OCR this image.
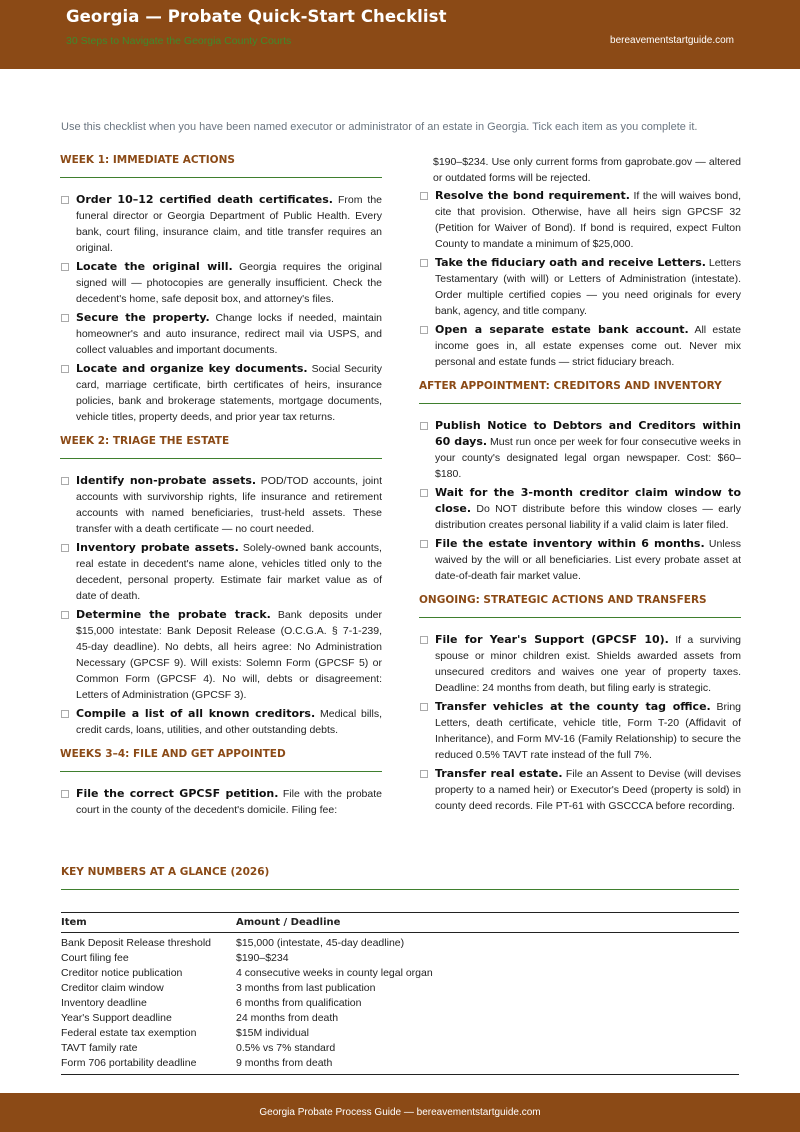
Georgia — Probate Quick-Start Checklist
30 Steps to Navigate the Georgia County Courts	bereavementstartguide.com
Use this checklist when you have been named executor or administrator of an estate in Georgia. Tick each item as you complete it.
WEEK 1: IMMEDIATE ACTIONS
Order 10–12 certified death certificates. From the funeral director or Georgia Department of Public Health. Every bank, court filing, insurance claim, and title transfer requires an original.
Locate the original will. Georgia requires the original signed will — photocopies are generally insufficient. Check the decedent's home, safe deposit box, and attorney's files.
Secure the property. Change locks if needed, maintain homeowner's and auto insurance, redirect mail via USPS, and collect valuables and important documents.
Locate and organize key documents. Social Security card, marriage certificate, birth certificates of heirs, insurance policies, bank and brokerage statements, mortgage documents, vehicle titles, property deeds, and prior year tax returns.
WEEK 2: TRIAGE THE ESTATE
Identify non-probate assets. POD/TOD accounts, joint accounts with survivorship rights, life insurance and retirement accounts with named beneficiaries, trust-held assets. These transfer with a death certificate — no court needed.
Inventory probate assets. Solely-owned bank accounts, real estate in decedent's name alone, vehicles titled only to the decedent, personal property. Estimate fair market value as of date of death.
Determine the probate track. Bank deposits under $15,000 intestate: Bank Deposit Release (O.C.G.A. § 7-1-239, 45-day deadline). No debts, all heirs agree: No Administration Necessary (GPCSF 9). Will exists: Solemn Form (GPCSF 5) or Common Form (GPCSF 4). No will, debts or disagreement: Letters of Administration (GPCSF 3).
Compile a list of all known creditors. Medical bills, credit cards, loans, utilities, and other outstanding debts.
WEEKS 3–4: FILE AND GET APPOINTED
File the correct GPCSF petition. File with the probate court in the county of the decedent's domicile. Filing fee:
$190–$234. Use only current forms from gaprobate.gov — altered or outdated forms will be rejected.
Resolve the bond requirement. If the will waives bond, cite that provision. Otherwise, have all heirs sign GPCSF 32 (Petition for Waiver of Bond). If bond is required, expect Fulton County to mandate a minimum of $25,000.
Take the fiduciary oath and receive Letters. Letters Testamentary (with will) or Letters of Administration (intestate). Order multiple certified copies — you need originals for every bank, agency, and title company.
Open a separate estate bank account. All estate income goes in, all estate expenses come out. Never mix personal and estate funds — strict fiduciary breach.
AFTER APPOINTMENT: CREDITORS AND INVENTORY
Publish Notice to Debtors and Creditors within 60 days. Must run once per week for four consecutive weeks in your county's designated legal organ newspaper. Cost: $60–$180.
Wait for the 3-month creditor claim window to close. Do NOT distribute before this window closes — early distribution creates personal liability if a valid claim is later filed.
File the estate inventory within 6 months. Unless waived by the will or all beneficiaries. List every probate asset at date-of-death fair market value.
ONGOING: STRATEGIC ACTIONS AND TRANSFERS
File for Year's Support (GPCSF 10). If a surviving spouse or minor children exist. Shields awarded assets from unsecured creditors and waives one year of property taxes. Deadline: 24 months from death, but filing early is strategic.
Transfer vehicles at the county tag office. Bring Letters, death certificate, vehicle title, Form T-20 (Affidavit of Inheritance), and Form MV-16 (Family Relationship) to secure the reduced 0.5% TAVT rate instead of the full 7%.
Transfer real estate. File an Assent to Devise (will devises property to a named heir) or Executor's Deed (property is sold) in county deed records. File PT-61 with GSCCCA before recording.
KEY NUMBERS AT A GLANCE (2026)
Item	Amount / Deadline
Bank Deposit Release threshold	$15,000 (intestate, 45-day deadline)
Court filing fee	$190–$234
Creditor notice publication	4 consecutive weeks in county legal organ
Creditor claim window	3 months from last publication
Inventory deadline	6 months from qualification
Year's Support deadline	24 months from death
Federal estate tax exemption	$15M individual
TAVT family rate	0.5% vs 7% standard
Form 706 portability deadline	9 months from death
Georgia Probate Process Guide — bereavementstartguide.com
